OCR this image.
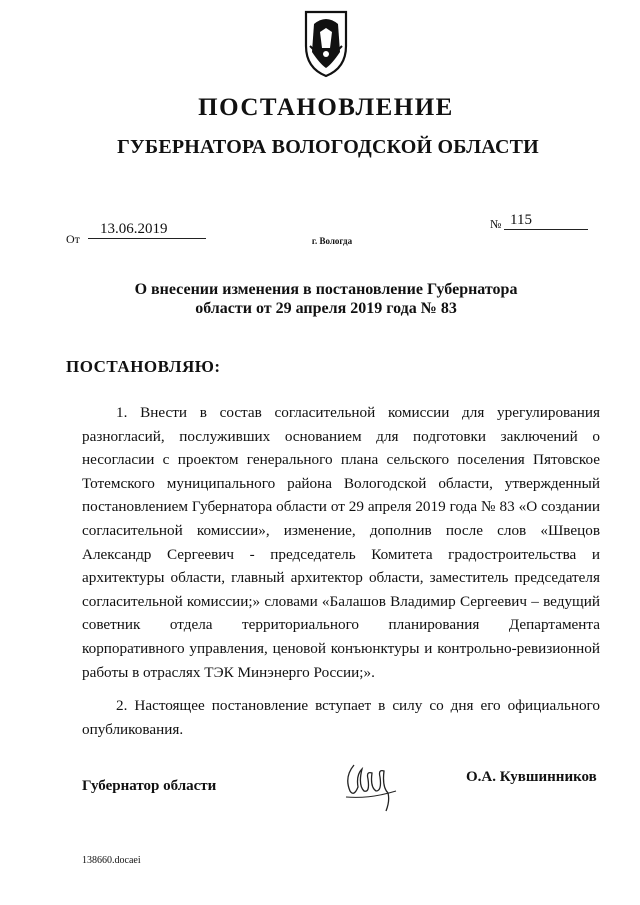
ПОСТАНОВЛЕНИЕ
ГУБЕРНАТОРА ВОЛОГОДСКОЙ ОБЛАСТИ
От
13.06.2019
г. Вологда
№ 115
О внесении изменения в постановление Губернатора области от 29 апреля 2019 года № 83
ПОСТАНОВЛЯЮ:
1. Внести в состав согласительной комиссии для урегулирования разногласий, послуживших основанием для подготовки заключений о несогласии с проектом генерального плана сельского поселения Пятовское Тотемского муниципального района Вологодской области, утвержденный постановлением Губернатора области от 29 апреля 2019 года № 83 «О создании согласительной комиссии», изменение, дополнив после слов «Швецов Александр Сергеевич - председатель Комитета градостроительства и архитектуры области, главный архитектор области, заместитель председателя согласительной комиссии;» словами «Балашов Владимир Сергеевич – ведущий советник отдела территориального планирования Департамента корпоративного управления, ценовой конъюнктуры и контрольно-ревизионной работы в отраслях ТЭК Минэнерго России;».
2. Настоящее постановление вступает в силу со дня его официального опубликования.
Губернатор области
О.А. Кувшинников
138660.docaei
